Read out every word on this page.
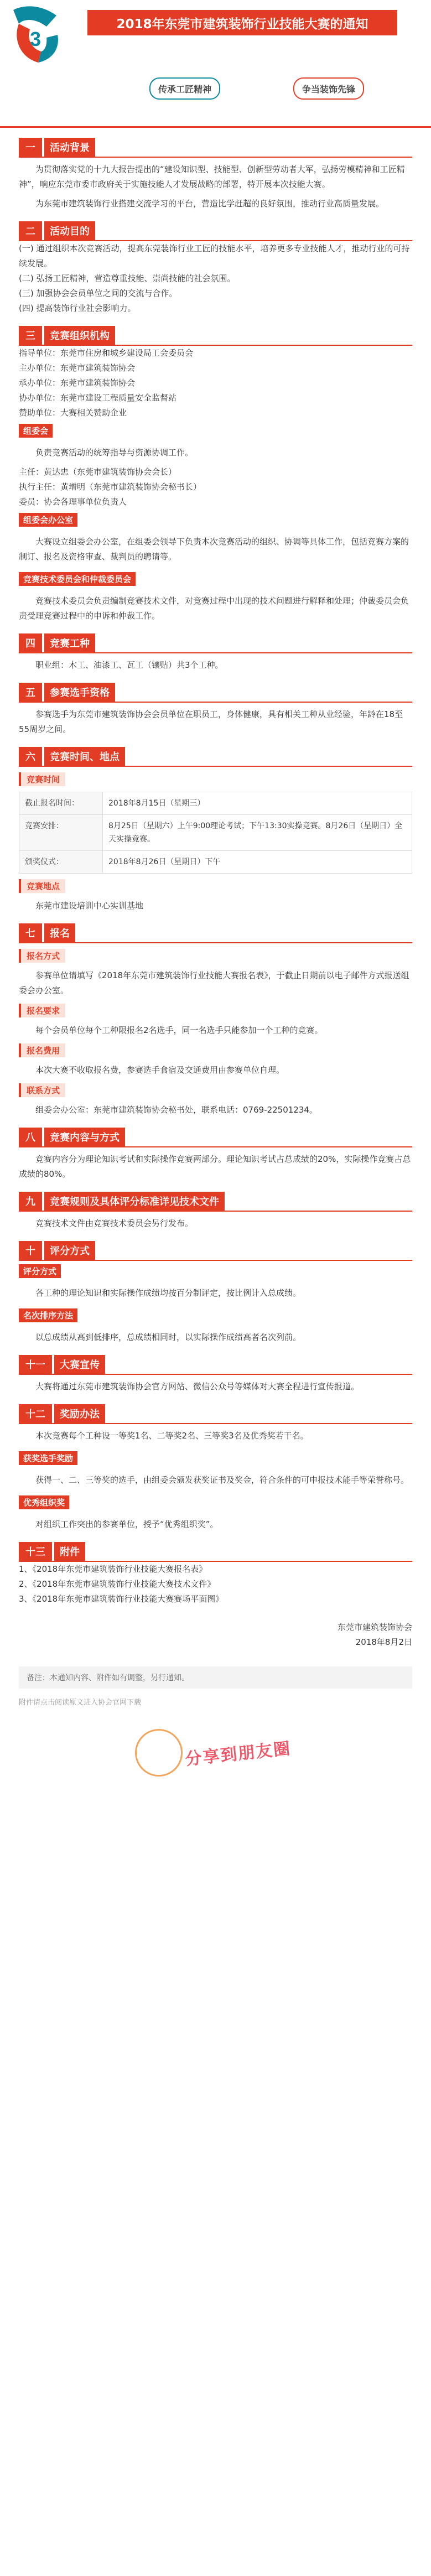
3
2018年东莞市建筑装饰行业技能大赛的通知
传承工匠精神	争当装饰先锋
一	活动背景

为贯彻落实党的十九大报告提出的“建设知识型、技能型、创新型劳动者大军，弘扬劳模精神和工匠精神”，响应东莞市委市政府关于实施技能人才发展战略的部署，特开展本次技能大赛。

为东莞市建筑装饰行业搭建交流学习的平台，营造比学赶超的良好氛围，推动行业高质量发展。

二	活动目的

(一) 通过组织本次竞赛活动，提高东莞装饰行业工匠的技能水平，培养更多专业技能人才，推动行业的可持续发展。

(二) 弘扬工匠精神，营造尊重技能、崇尚技能的社会氛围。

(三) 加强协会会员单位之间的交流与合作。

(四) 提高装饰行业社会影响力。

三	竞赛组织机构

指导单位：东莞市住房和城乡建设局工会委员会

主办单位：东莞市建筑装饰协会

承办单位：东莞市建筑装饰协会

协办单位：东莞市建设工程质量安全监督站

赞助单位：大赛相关赞助企业

组委会

负责竞赛活动的统筹指导与资源协调工作。

主任：黄达忠（东莞市建筑装饰协会会长）

执行主任：黄增明（东莞市建筑装饰协会秘书长）

委员：协会各理事单位负责人

组委会办公室

大赛设立组委会办公室，在组委会领导下负责本次竞赛活动的组织、协调等具体工作，包括竞赛方案的制订、报名及资格审查、裁判员的聘请等。

竞赛技术委员会和仲裁委员会

竞赛技术委员会负责编制竞赛技术文件，对竞赛过程中出现的技术问题进行解释和处理；仲裁委员会负责受理竞赛过程中的申诉和仲裁工作。

四	竞赛工种

职业组：木工、油漆工、瓦工（镶贴）共3个工种。

五	参赛选手资格

参赛选手为东莞市建筑装饰协会会员单位在职员工，身体健康，具有相关工种从业经验，年龄在18至55周岁之间。

六	竞赛时间、地点
竞赛时间
截止报名时间：	2018年8月15日（星期三）
竞赛安排：	8月25日（星期六）上午9:00理论考试；下午13:30实操竞赛。8月26日（星期日）全天实操竞赛。
颁奖仪式：	2018年8月26日（星期日）下午
竞赛地点

东莞市建设培训中心实训基地

七	报名
报名方式

参赛单位请填写《2018年东莞市建筑装饰行业技能大赛报名表》，于截止日期前以电子邮件方式报送组委会办公室。

报名要求

每个会员单位每个工种限报名2名选手，同一名选手只能参加一个工种的竞赛。

报名费用

本次大赛不收取报名费，参赛选手食宿及交通费用由参赛单位自理。

联系方式

组委会办公室：东莞市建筑装饰协会秘书处，联系电话：0769-22501234。

八	竞赛内容与方式

竞赛内容分为理论知识考试和实际操作竞赛两部分。理论知识考试占总成绩的20%，实际操作竞赛占总成绩的80%。

九	竞赛规则及具体评分标准详见技术文件

竞赛技术文件由竞赛技术委员会另行发布。

十	评分方式
评分方式

各工种的理论知识和实际操作成绩均按百分制评定，按比例计入总成绩。

名次排序方法

以总成绩从高到低排序，总成绩相同时，以实际操作成绩高者名次列前。

十一	大赛宣传

大赛将通过东莞市建筑装饰协会官方网站、微信公众号等媒体对大赛全程进行宣传报道。

十二	奖励办法

本次竞赛每个工种设一等奖1名、二等奖2名、三等奖3名及优秀奖若干名。

获奖选手奖励

获得一、二、三等奖的选手，由组委会颁发获奖证书及奖金，符合条件的可申报技术能手等荣誉称号。

优秀组织奖

对组织工作突出的参赛单位，授予“优秀组织奖”。

十三	附件

1、《2018年东莞市建筑装饰行业技能大赛报名表》

2、《2018年东莞市建筑装饰行业技能大赛技术文件》

3、《2018年东莞市建筑装饰行业技能大赛赛场平面图》

东莞市建筑装饰协会

2018年8月2日

备注：本通知内容、附件如有调整，另行通知。
附件请点击阅读原文进入协会官网下载
分享到朋友圈
